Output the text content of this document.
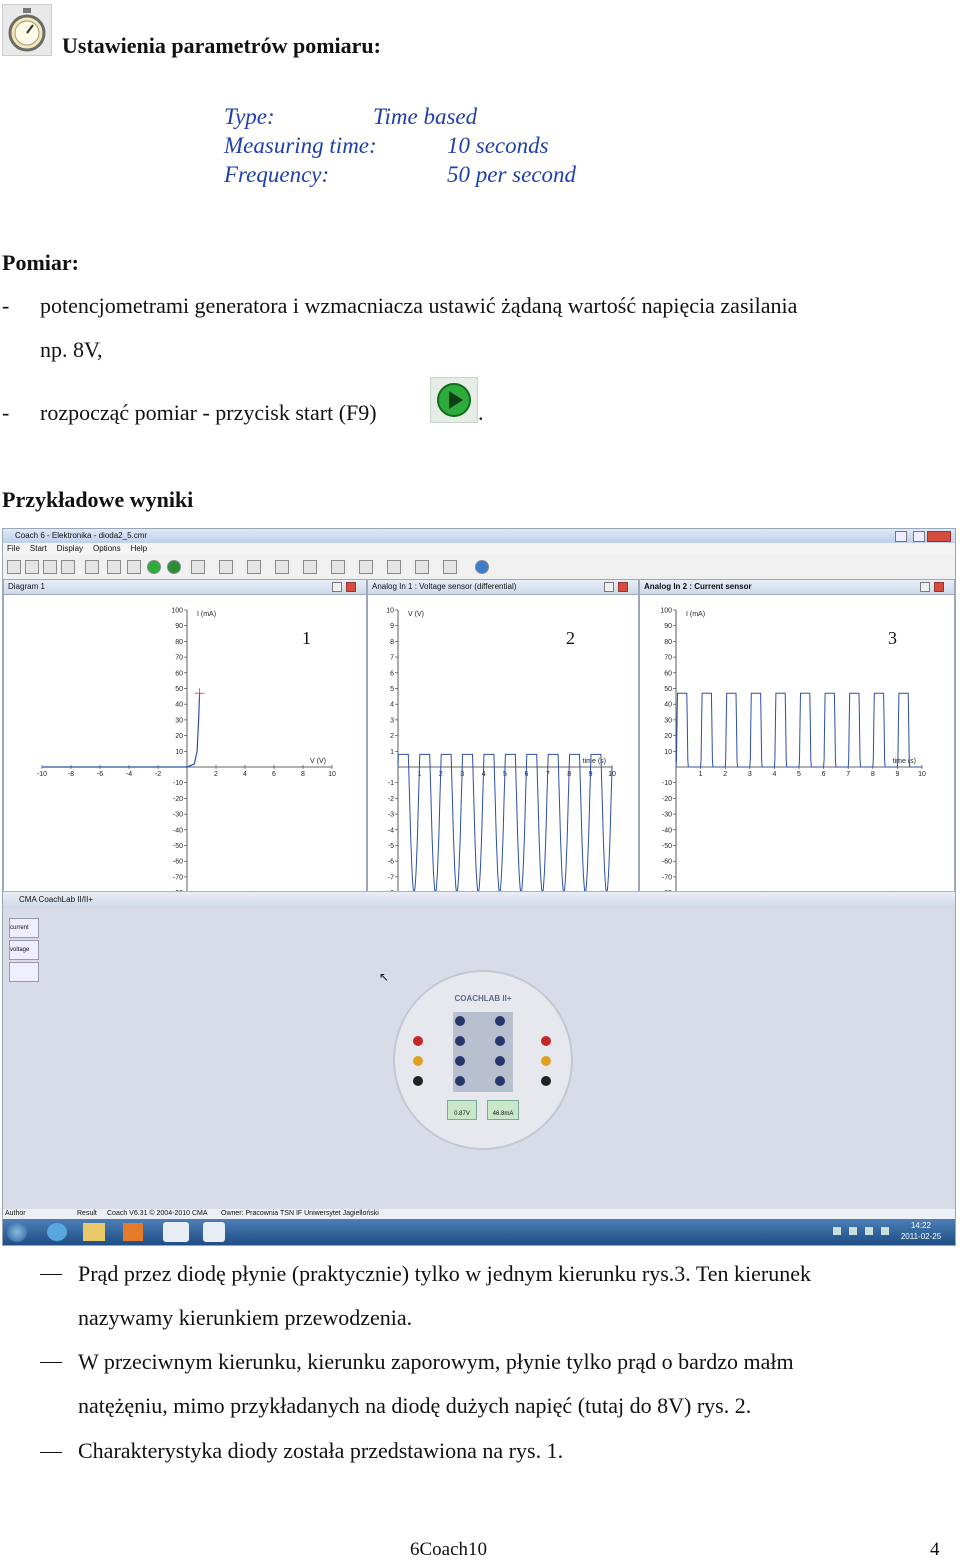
Ustawienia parametrów pomiaru:
Type:	Time based
Measuring time:	10 seconds
Frequency:	50 per second
Pomiar:
- potencjometrami generatora i wzmacniacza ustawić żądaną wartość napięcia zasilania
np. 8V,
- rozpocząć pomiar - przycisk start (F9)	.
Przykładowe wyniki
Coach 6 - Elektronika - dioda2_5.cmr
File Start Display Options Help
Diagram 1
-10	-8	-6	-4	-2	2	4	6	8	10
100
90
80
70
60
50
40
30
20
10
-10
-20
-30
-40
-50
-60
-70
I (mA)
V (V)
1
Analog In 1 : Voltage sensor (differential)
1 2 3 4 5 6 7 8 9 10
10
9
8
7
6
5
4
3
2
1
-1
-2
-3
-4
-5
-6
-7
V (V)
time (s)
2
Analog In 2 : Current sensor
1	2	3	4	5	6	7	8	9	10
100
90
80
70
60
50
40
30
20
10
-10
-20
-30
-40
-50
-60
-70
I (mA)
time (s)
3
CMA CoachLab II/II+
current
voltage
↖
COACHLAB II+
0.87V	46.8mA
Author	Result Coach V6.31 © 2004-2010 CMA Owner: Pracownia TSN IF Uniwersytet Jagielloński
14:22
2011-02-25
Prąd przez diodę płynie (praktycznie) tylko w jednym kierunku rys.3. Ten kierunek
nazywamy kierunkiem przewodzenia.
W przeciwnym kierunku, kierunku zaporowym, płynie tylko prąd o bardzo małm
natężęniu, mimo przykładanych na diodę dużych napięć (tutaj do 8V) rys. 2.
Charakterystyka diody została przedstawiona na rys. 1.
6Coach10	4
